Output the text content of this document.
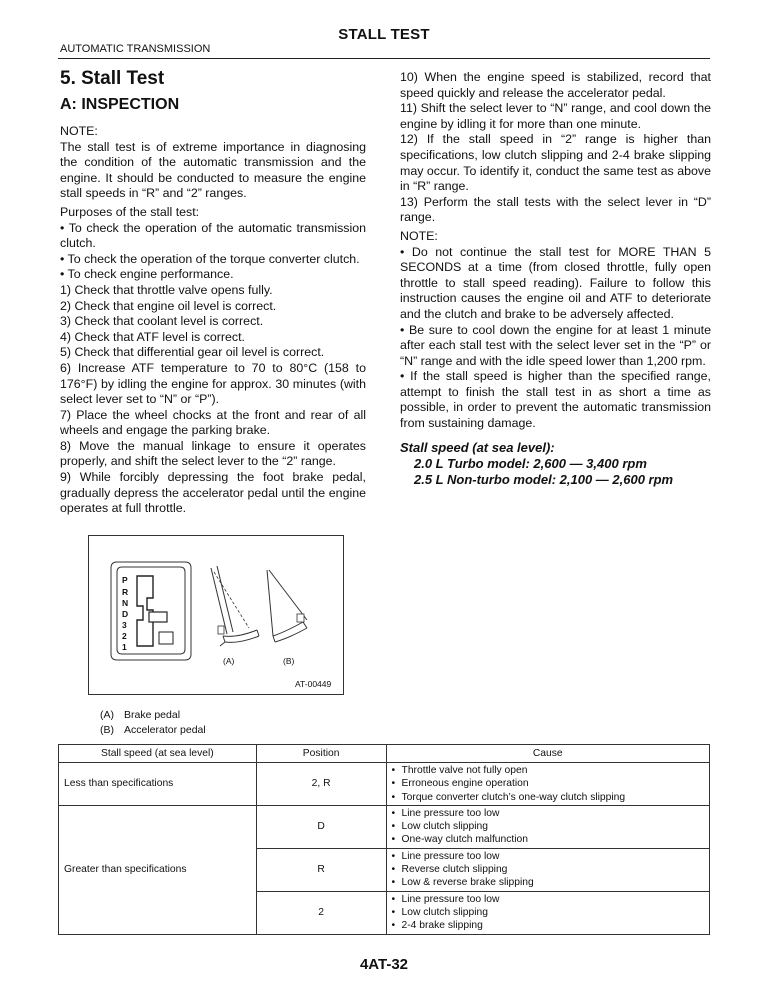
STALL TEST
AUTOMATIC TRANSMISSION
5. Stall Test
A: INSPECTION

NOTE:

The stall test is of extreme importance in diagnosing the condition of the automatic transmission and the engine. It should be conducted to measure the engine stall speeds in “R” and “2” ranges.

Purposes of the stall test:

• To check the operation of the automatic transmission clutch.

• To check the operation of the torque converter clutch.

• To check engine performance.

1) Check that throttle valve opens fully.

2) Check that engine oil level is correct.

3) Check that coolant level is correct.

4) Check that ATF level is correct.

5) Check that differential gear oil level is correct.

6) Increase ATF temperature to 70 to 80°C (158 to 176°F) by idling the engine for approx. 30 minutes (with select lever set to “N” or “P”).

7) Place the wheel chocks at the front and rear of all wheels and engage the parking brake.

8) Move the manual linkage to ensure it operates properly, and shift the select lever to the “2” range.

9) While forcibly depressing the foot brake pedal, gradually depress the accelerator pedal until the engine operates at full throttle.

10) When the engine speed is stabilized, record that speed quickly and release the accelerator pedal.

11) Shift the select lever to “N” range, and cool down the engine by idling it for more than one minute.

12) If the stall speed in “2” range is higher than specifications, low clutch slipping and 2-4 brake slipping may occur. To identify it, conduct the same test as above in “R” range.

13) Perform the stall tests with the select lever in “D” range.

NOTE:

• Do not continue the stall test for MORE THAN 5 SECONDS at a time (from closed throttle, fully open throttle to stall speed reading). Failure to follow this instruction causes the engine oil and ATF to deteriorate and the clutch and brake to be adversely affected.

• Be sure to cool down the engine for at least 1 minute after each stall test with the select lever set in the “P” or “N” range and with the idle speed lower than 1,200 rpm.

• If the stall speed is higher than the specified range, attempt to finish the stall test in as short a time as possible, in order to prevent the automatic transmission from sustaining damage.

Stall speed (at sea level):
2.0 L Turbo model: 2,600 — 3,400 rpm
2.5 L Non-turbo model: 2,100 — 2,600 rpm
P
R
N
D
3
2
1
(A)	(B)
AT-00449
(A) Brake pedal
(B) Accelerator pedal
Stall speed (at sea level)	Position	Cause
Less than specifications	2, R	• Throttle valve not fully open
• Erroneous engine operation
• Torque converter clutch’s one-way clutch slipping

Greater than specifications	D	• Line pressure too low
• Low clutch slipping
• One-way clutch malfunction

	R	• Line pressure too low
• Reverse clutch slipping
• Low & reverse brake slipping

	2	• Line pressure too low
• Low clutch slipping
• 2-4 brake slipping
4AT-32
